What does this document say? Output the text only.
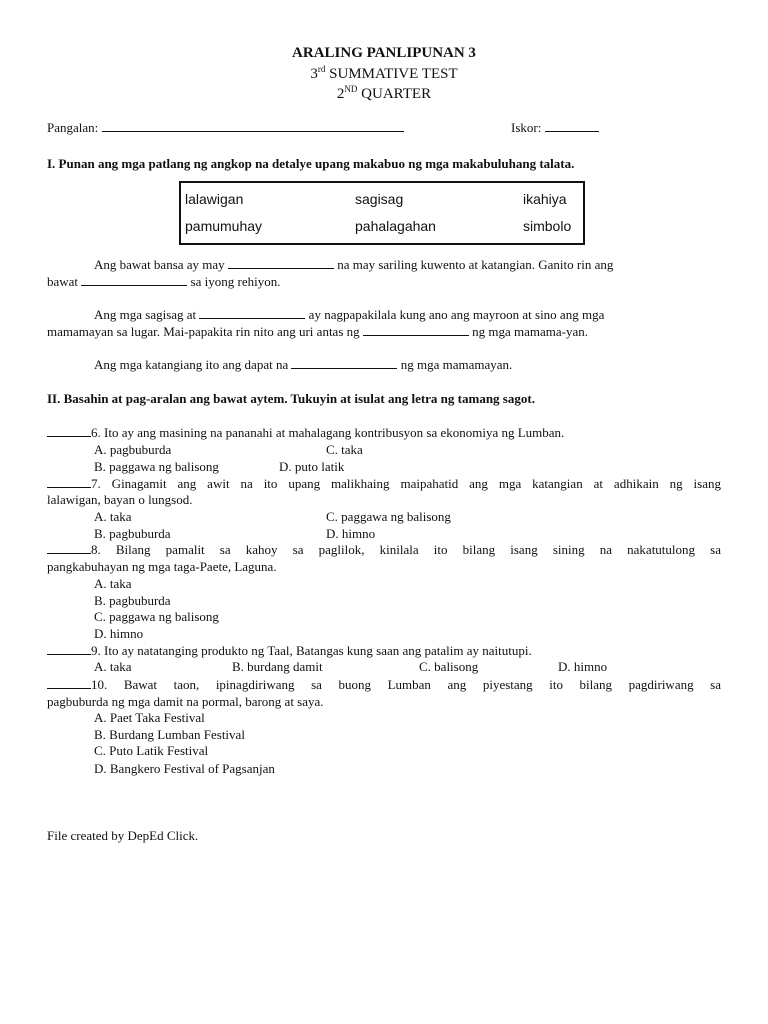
ARALING PANLIPUNAN 3
3rd SUMMATIVE TEST
2ND QUARTER
Pangalan:	Iskor:
I. Punan ang mga patlang ng angkop na detalye upang makabuo ng mga makabuluhang talata.
lalawigan	sagisag	ikahiya
pamumuhay	pahalagahan	simbolo
Ang bawat bansa ay may	na may sariling kuwento at katangian. Ganito rin ang
bawat	sa iyong rehiyon.
Ang mga sagisag at	ay nagpapakilala kung ano ang mayroon at sino ang mga
mamamayan sa lugar. Mai-papakita rin nito ang uri antas ng	ng mga mamama-yan.
Ang mga katangiang ito ang dapat na	ng mga mamamayan.
II. Basahin at pag-aralan ang bawat aytem. Tukuyin at isulat ang letra ng tamang sagot.
6. Ito ay ang masining na pananahi at mahalagang kontribusyon sa ekonomiya ng Lumban.
A. pagbuburda	C. taka
B. paggawa ng balisong	D. puto latik
7. Ginagamit ang awit na ito upang malikhaing maipahatid ang mga katangian at adhikain ng isang
lalawigan, bayan o lungsod.
A. taka	C. paggawa ng balisong
B. pagbuburda	D. himno
8. Bilang pamalit sa kahoy sa paglilok, kinilala ito bilang isang sining na nakatutulong sa
pangkabuhayan ng mga taga-Paete, Laguna.
A. taka
B. pagbuburda
C. paggawa ng balisong
D. himno
9. Ito ay natatanging produkto ng Taal, Batangas kung saan ang patalim ay naitutupi.
A. taka	B. burdang damit	C. balisong	D. himno
10. Bawat taon, ipinagdiriwang sa buong Lumban ang piyestang ito bilang pagdiriwang sa
pagbuburda ng mga damit na pormal, barong at saya.
A. Paet Taka Festival
B. Burdang Lumban Festival
C. Puto Latik Festival
D. Bangkero Festival of Pagsanjan
File created by DepEd Click.
